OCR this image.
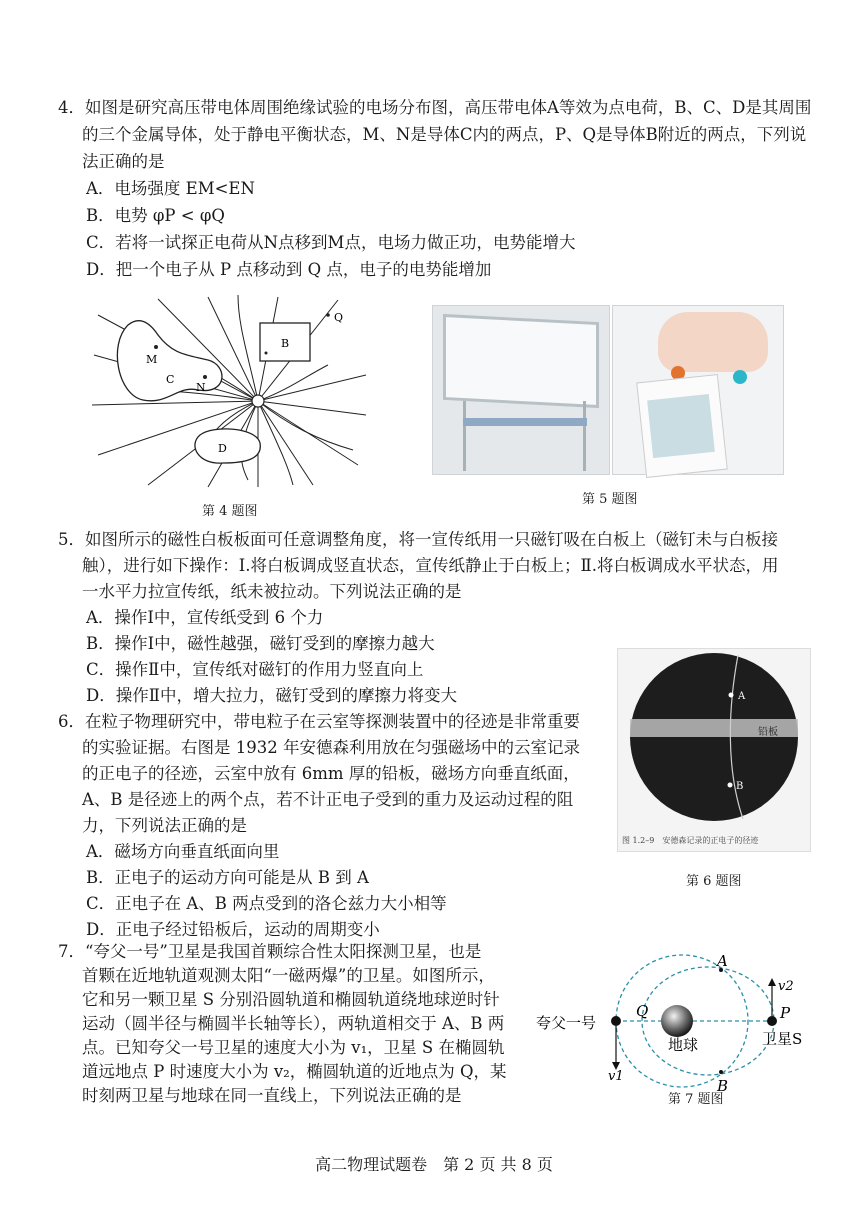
4．如图是研究高压带电体周围绝缘试验的电场分布图，高压带电体A等效为点电荷，B、C、D是其周围
的三个金属导体，处于静电平衡状态，M、N是导体C内的两点，P、Q是导体B附近的两点，下列说
法正确的是
A．电场强度 EM<EN
B．电势 φP < φQ
C．若将一试探正电荷从N点移到M点，电场力做正功，电势能增大
D．把一个电子从 P 点移动到 Q 点，电子的电势能增加
M
C
N
B
D
Q
第 4 题图
第 5 题图
5．如图所示的磁性白板板面可任意调整角度，将一宣传纸用一只磁钉吸在白板上（磁钉未与白板接
触），进行如下操作：Ⅰ.将白板调成竖直状态，宣传纸静止于白板上；Ⅱ.将白板调成水平状态，用
一水平力拉宣传纸，纸未被拉动。下列说法正确的是
A．操作Ⅰ中，宣传纸受到 6 个力
B．操作Ⅰ中，磁性越强，磁钉受到的摩擦力越大
C．操作Ⅱ中，宣传纸对磁钉的作用力竖直向上
D．操作Ⅱ中，增大拉力，磁钉受到的摩擦力将变大	A
铅板
B
图 1.2–9　安德森记录的正电子的径迹
第 6 题图
6．在粒子物理研究中，带电粒子在云室等探测装置中的径迹是非常重要
的实验证据。右图是 1932 年安德森利用放在匀强磁场中的云室记录
的正电子的径迹，云室中放有 6mm 厚的铅板，磁场方向垂直纸面，
A、B 是径迹上的两个点，若不计正电子受到的重力及运动过程的阻
力，下列说法正确的是
A．磁场方向垂直纸面向里
B．正电子的运动方向可能是从 B 到 A
C．正电子在 A、B 两点受到的洛仑兹力大小相等
D．正电子经过铅板后，运动的周期变小
7．“夸父一号”卫星是我国首颗综合性太阳探测卫星，也是
首颗在近地轨道观测太阳“一磁两爆”的卫星。如图所示，
它和另一颗卫星 S 分别沿圆轨道和椭圆轨道绕地球逆时针
运动（圆半径与椭圆半长轴等长），两轨道相交于 A、B 两
点。已知夸父一号卫星的速度大小为 v₁，卫星 S 在椭圆轨
道远地点 P 时速度大小为 v₂，椭圆轨道的近地点为 Q，某
时刻两卫星与地球在同一直线上，下列说法正确的是
夸父一号
地球	卫星S
A
B
P
Q
v1
v2
第 7 题图
高二物理试题卷　第 2 页 共 8 页
